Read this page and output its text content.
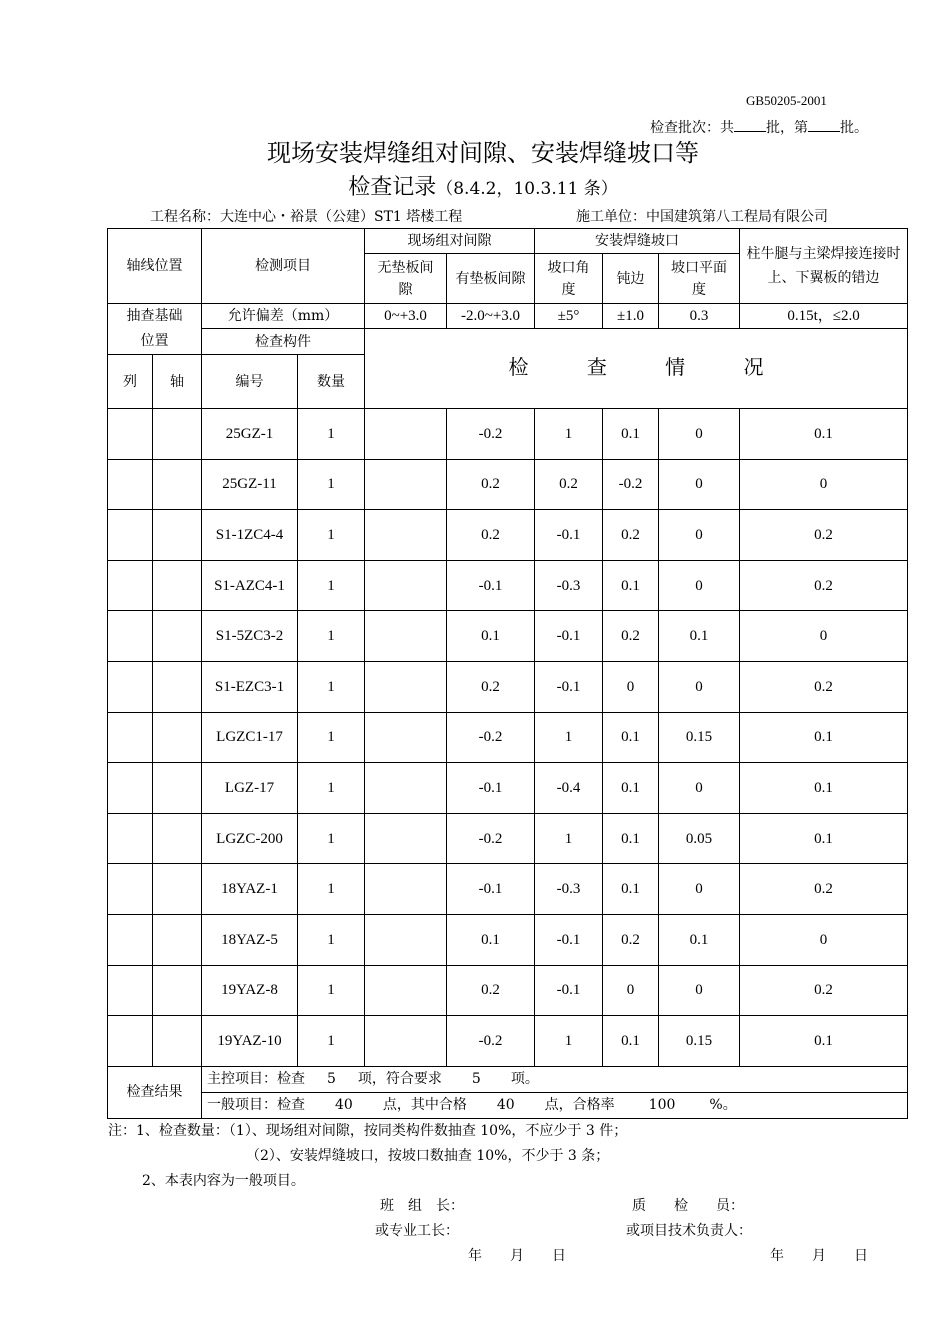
GB50205-2001
检查批次：共 批，第 批。
现场安装焊缝组对间隙、安装焊缝坡口等
检查记录（8.4.2，10.3.11 条）
工程名称：大连中心・裕景（公建）ST1 塔楼工程	施工单位：中国建筑第八工程局有限公司
轴线位置		检测项目		现场组对间隙		安装焊缝坡口			柱牛腿与主梁焊接连接时上、下翼板的错边
				无垫板间隙	有垫板间隙	坡口角度	钝边	坡口平面度	
抽查基础位置		允许偏差（mm）		0~+3.0	-2.0~+3.0	±5°	±1.0	0.3	0.15t，≤2.0
		检查构件		检 查 情 况					
列	轴	编号	数量						
		25GZ-1	1		-0.2	1	0.1	0	0.1
		25GZ-11	1		0.2	0.2	-0.2	0	0
		S1-1ZC4-4	1		0.2	-0.1	0.2	0	0.2
		S1-AZC4-1	1		-0.1	-0.3	0.1	0	0.2
		S1-5ZC3-2	1		0.1	-0.1	0.2	0.1	0
		S1-EZC3-1	1		0.2	-0.1	0	0	0.2
		LGZC1-17	1		-0.2	1	0.1	0.15	0.1
		LGZ-17	1		-0.1	-0.4	0.1	0	0.1
		LGZC-200	1		-0.2	1	0.1	0.05	0.1
		18YAZ-1	1		-0.1	-0.3	0.1	0	0.2
		18YAZ-5	1		0.1	-0.1	0.2	0.1	0
		19YAZ-8	1		0.2	-0.1	0	0	0.2
		19YAZ-10	1		-0.2	1	0.1	0.15	0.1
检查结果		主控项目：检查 5 项，符合要求 5 项。							
		一般项目：检查 40 点，其中合格 40 点，合格率 100 %。							
注：1、检查数量：（1）、现场组对间隙，按同类构件数抽查 10%，不应少于 3 件；
（2）、安装焊缝坡口，按坡口数抽查 10%，不少于 3 条；
2、本表内容为一般项目。
班　组　长：	质　　检　　员：
或专业工长：	或项目技术负责人：
年　　月　　日	年　　月　　日
